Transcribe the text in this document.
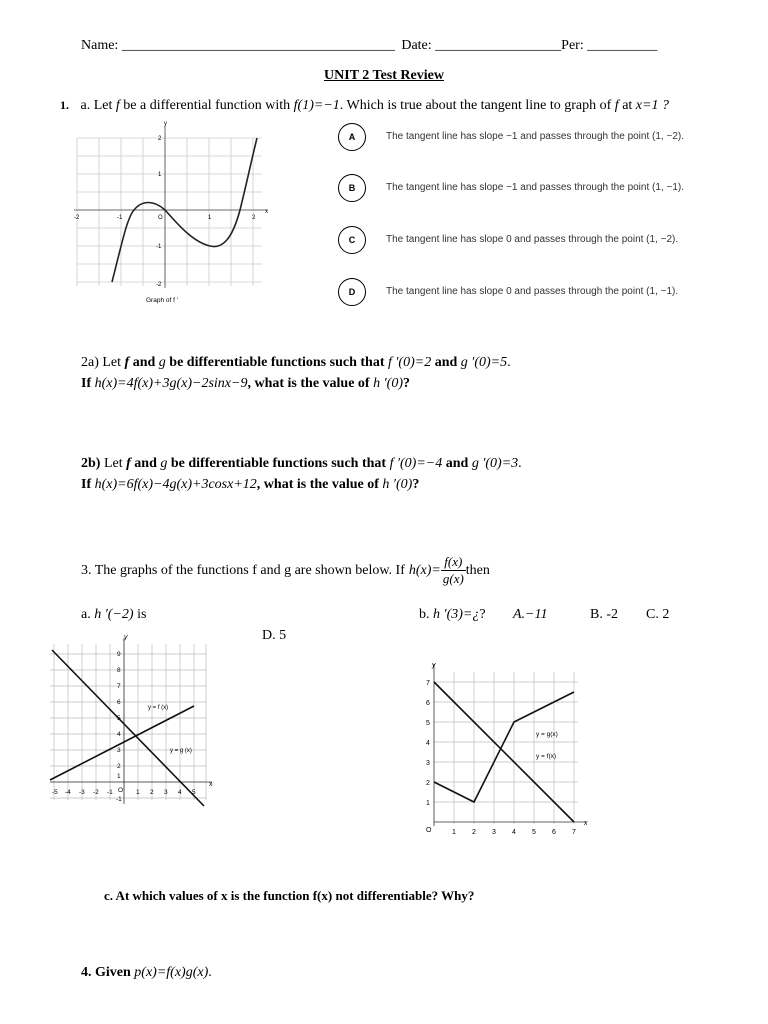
Name: _______________________________________ Date: __________________Per: __________
UNIT 2 Test Review
1. a. Let f be a differential function with f(1)=−1. Which is true about the tangent line to graph of f at x=1 ?
y
x
2
1
-1
-2
-2	-1	O	1	2
Graph of f ′
A	The tangent line has slope −1 and passes through the point (1, −2).
B	The tangent line has slope −1 and passes through the point (1, −1).
C	The tangent line has slope 0 and passes through the point (1, −2).
D	The tangent line has slope 0 and passes through the point (1, −1).
2a) Let f and g be differentiable functions such that f ′(0)=2 and g ′(0)=5.
If h(x)=4f(x)+3g(x)−2sinx−9, what is the value of h ′(0)?
2b) Let f and g be differentiable functions such that f ′(0)=−4 and g ′(0)=3.
If h(x)=6f(x)−4g(x)+3cosx+12, what is the value of h ′(0)?
3. The graphs of the functions f and g are shown below. If $h(x)= \frac{f(x)}{g(x)}$ then
a. h ′(−2) is	b. h ′(3)=¿? A.−11	B. -2 C. 2
D. 5
y
x
9
8
7
6
4
3
2
1
-1
-5 -4 -3 -2 -1 O 1 2 3 4 5
y = f (x)
y = g (x)
y
x
7
6
5
4
3
2
1
O	1 2 3 4 5 6 7
y = g(x)
y = f(x)
c. At which values of x is the function f(x) not differentiable? Why?
4. Given p(x)=f(x)g(x).
